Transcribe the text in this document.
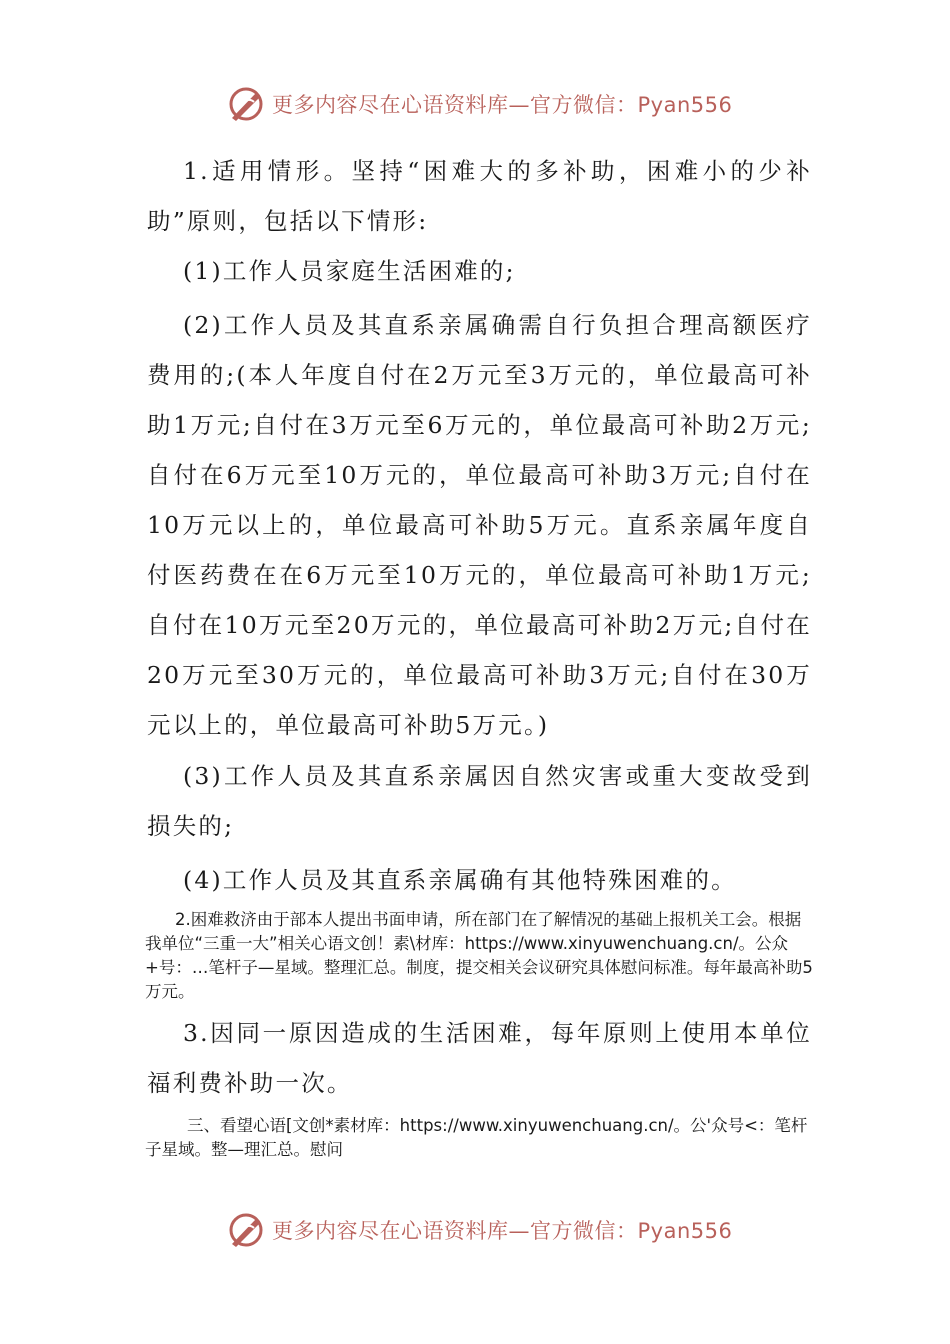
更多内容尽在心语资料库—官方微信：Pyan556

1.适用情形。坚持“困难大的多补助，困难小的少补助”原则，包括以下情形:

(1)工作人员家庭生活困难的;

(2)工作人员及其直系亲属确需自行负担合理高额医疗费用的;(本人年度自付在2万元至3万元的，单位最高可补助1万元;自付在3万元至6万元的，单位最高可补助2万元;自付在6万元至10万元的，单位最高可补助3万元;自付在10万元以上的，单位最高可补助5万元。直系亲属年度自付医药费在在6万元至10万元的，单位最高可补助1万元;自付在10万元至20万元的，单位最高可补助2万元;自付在20万元至30万元的，单位最高可补助3万元;自付在30万元以上的，单位最高可补助5万元。)

(3)工作人员及其直系亲属因自然灾害或重大变故受到损失的;

(4)工作人员及其直系亲属确有其他特殊困难的。

2.困难救济由于部本人提出书面申请，所在部门在了解情况的基础上报机关工会。根据我单位“三重一大”相关心语文创！素\材库：https://www.xinyuwenchuang.cn/。公众+号：…笔杆子—星域。整理汇总。制度，提交相关会议研究具体慰问标准。每年最高补助5万元。

3.因同一原因造成的生活困难，每年原则上使用本单位福利费补助一次。

三、看望心语[文创*素材库：https://www.xinyuwenchuang.cn/。公'众号<：笔杆子星域。整—理汇总。慰问

更多内容尽在心语资料库—官方微信：Pyan556
